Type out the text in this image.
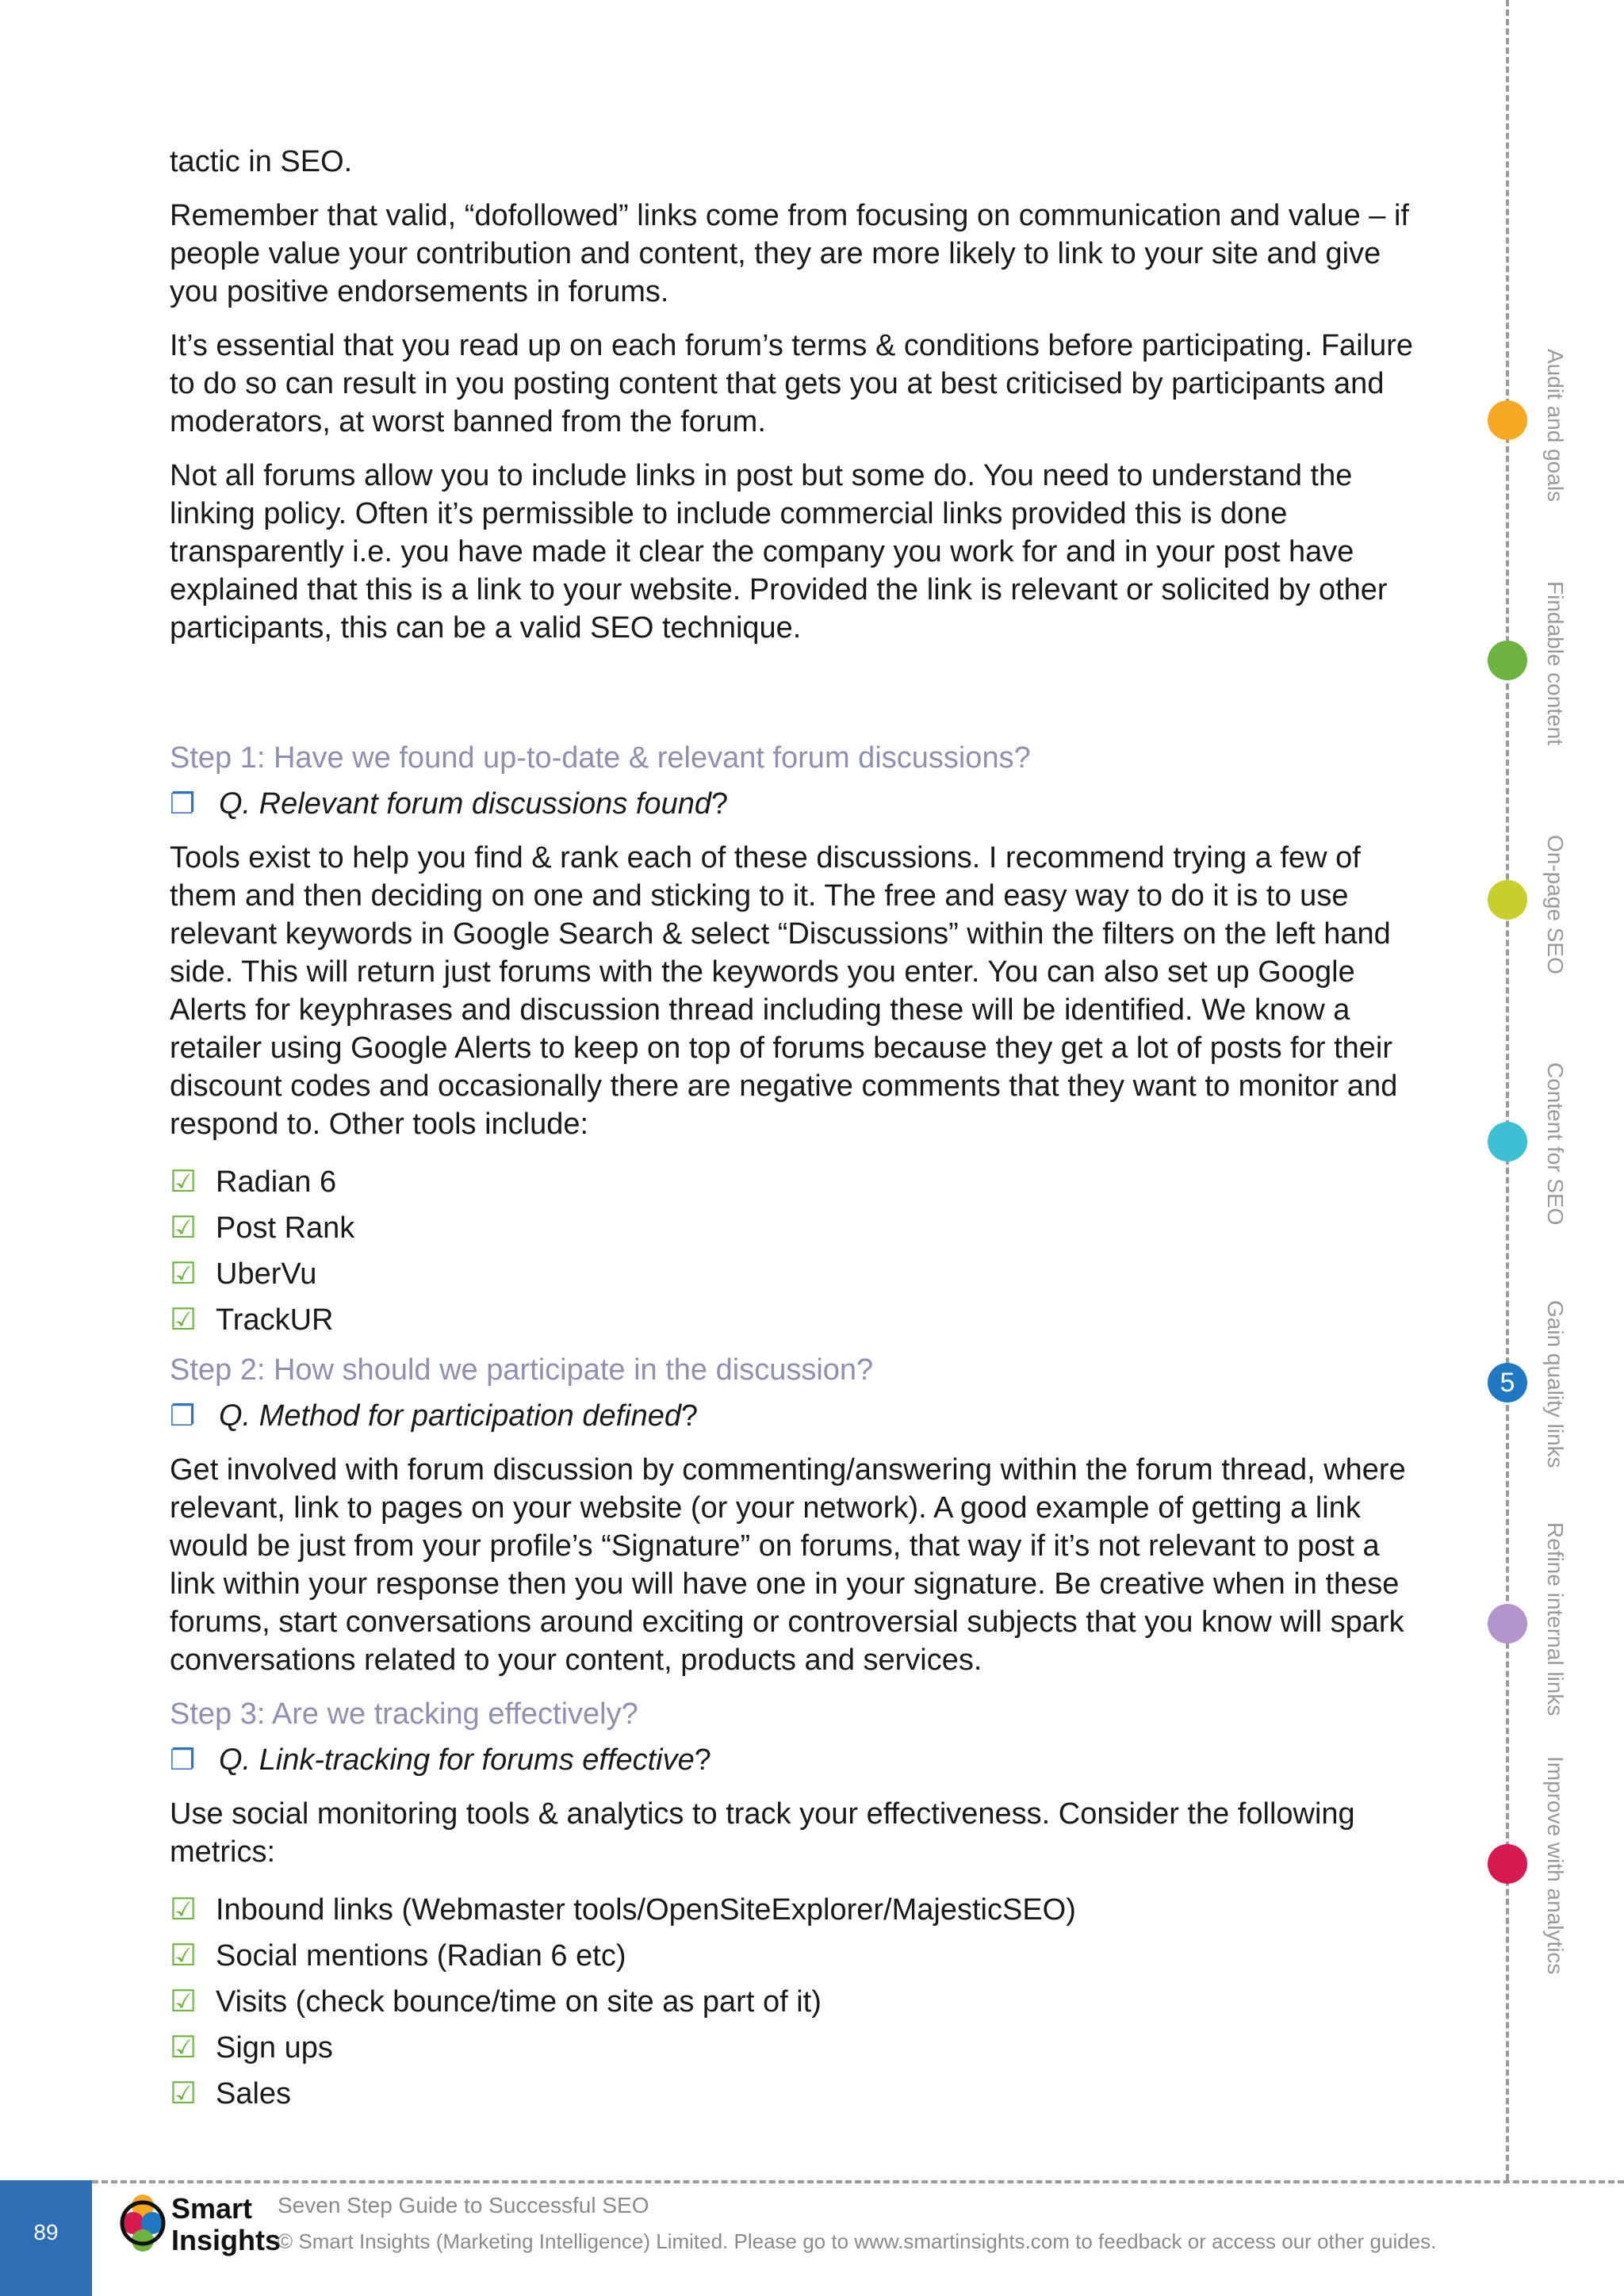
tactic in SEO.

Remember that valid, “dofollowed” links come from focusing on communication and value – if people value your contribution and content, they are more likely to link to your site and give you positive endorsements in forums.

It’s essential that you read up on each forum’s terms & conditions before participating. Failure to do so can result in you posting content that gets you at best criticised by participants and moderators, at worst banned from the forum.

Not all forums allow you to include links in post but some do. You need to understand the linking policy. Often it’s permissible to include commercial links provided this is done transparently i.e. you have made it clear the company you work for and in your post have explained that this is a link to your website. Provided the link is relevant or solicited by other participants, this can be a valid SEO technique.

Step 1: Have we found up-to-date & relevant forum discussions?
❐ Q. Relevant forum discussions found ?

Tools exist to help you find & rank each of these discussions. I recommend trying a few of them and then deciding on one and sticking to it. The free and easy way to do it is to use relevant keywords in Google Search & select “Discussions” within the filters on the left hand side. This will return just forums with the keywords you enter. You can also set up Google Alerts for keyphrases and discussion thread including these will be identified. We know a retailer using Google Alerts to keep on top of forums because they get a lot of posts for their discount codes and occasionally there are negative comments that they want to monitor and respond to. Other tools include:

☑ Radian 6
☑ Post Rank
☑ UberVu
☑ TrackUR
Step 2: How should we participate in the discussion?
❐ Q. Method for participation defined ?

Get involved with forum discussion by commenting/answering within the forum thread, where relevant, link to pages on your website (or your network). A good example of getting a link would be just from your profile’s “Signature” on forums, that way if it’s not relevant to post a link within your response then you will have one in your signature. Be creative when in these forums, start conversations around exciting or controversial subjects that you know will spark conversations related to your content, products and services.

Step 3: Are we tracking effectively?
❐ Q. Link-tracking for forums effective ?

Use social monitoring tools & analytics to track your effectiveness. Consider the following metrics:

☑ Inbound links (Webmaster tools/OpenSiteExplorer/MajesticSEO)
☑ Social mentions (Radian 6 etc)
☑ Visits (check bounce/time on site as part of it)
☑ Sign ups
☑ Sales
Audit and goals
Findable content
On-page SEO
Content for SEO
5	Gain quality links
Refine internal links
Improve with analytics
89
Smart
Insights
Seven Step Guide to Successful SEO
© Smart Insights (Marketing Intelligence) Limited. Please go to www.smartinsights.com to feedback or access our other guides.
